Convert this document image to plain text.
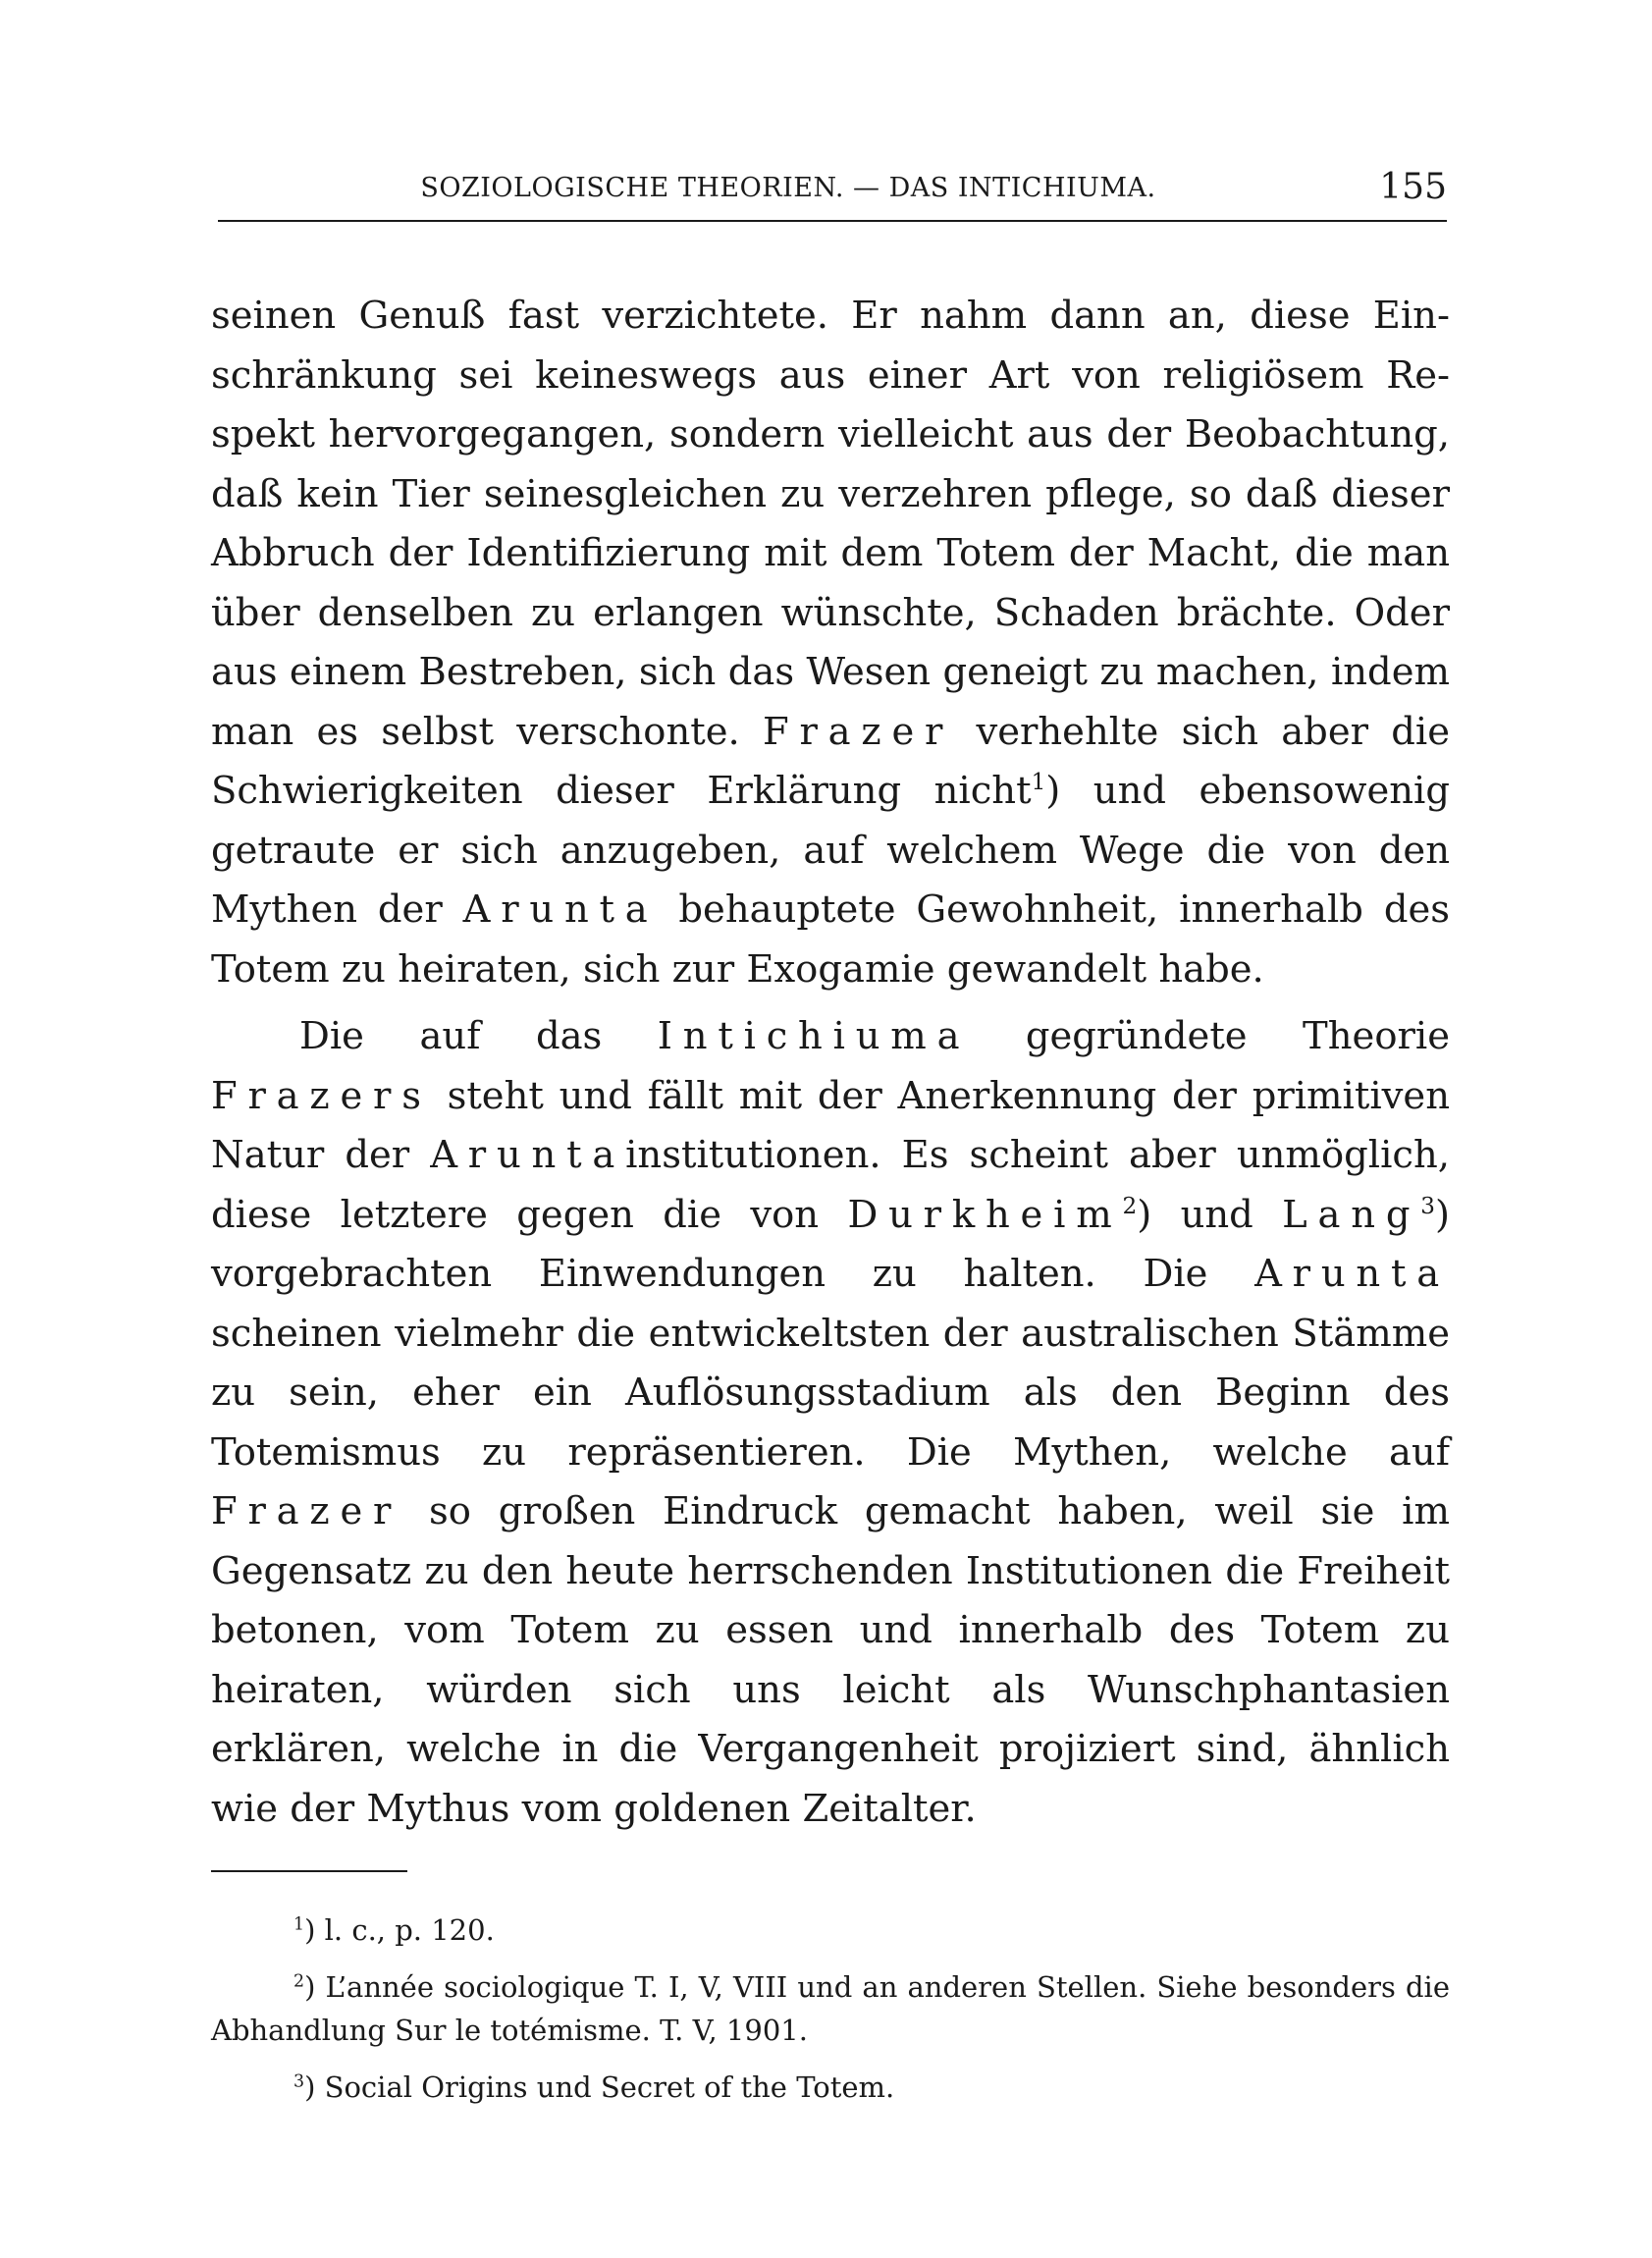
SOZIOLOGISCHE THEORIEN. — DAS INTICHIUMA.	155

seinen Genuß fast verzichtete. Er nahm dann an, diese Einschränkung sei keineswegs aus einer Art von religiösem Respekt hervorgegangen, sondern vielleicht aus der Beobachtung, daß kein Tier seinesgleichen zu verzehren pflege, so daß dieser Abbruch der Identifizierung mit dem Totem der Macht, die man über denselben zu erlangen wünschte, Schaden brächte. Oder aus einem Bestreben, sich das Wesen geneigt zu machen, indem man es selbst verschonte. Frazer verhehlte sich aber die Schwierigkeiten dieser Erklärung nicht$^1$) und ebensowenig getraute er sich anzugeben, auf welchem Wege die von den Mythen der Arunta behauptete Gewohnheit, innerhalb des Totem zu heiraten, sich zur Exogamie gewandelt habe.

Die auf das Intichiuma gegründete Theorie Frazers steht und fällt mit der Anerkennung der primitiven Natur der Aruntainstitutionen. Es scheint aber unmöglich, diese letztere gegen die von Durkheim$^2$) und Lang$^3$) vorgebrachten Einwendungen zu halten. Die Arunta scheinen vielmehr die entwickeltsten der australischen Stämme zu sein, eher ein Auflösungsstadium als den Beginn des Totemismus zu repräsentieren. Die Mythen, welche auf Frazer so großen Eindruck gemacht haben, weil sie im Gegensatz zu den heute herrschenden Institutionen die Freiheit betonen, vom Totem zu essen und innerhalb des Totem zu heiraten, würden sich uns leicht als Wunschphantasien erklären, welche in die Vergangenheit projiziert sind, ähnlich wie der Mythus vom goldenen Zeitalter.

$^1$) l. c., p. 120.

$^2$) L’année sociologique T. I, V, VIII und an anderen Stellen. Siehe besonders die Abhandlung Sur le totémisme. T. V, 1901.

$^3$) Social Origins und Secret of the Totem.
